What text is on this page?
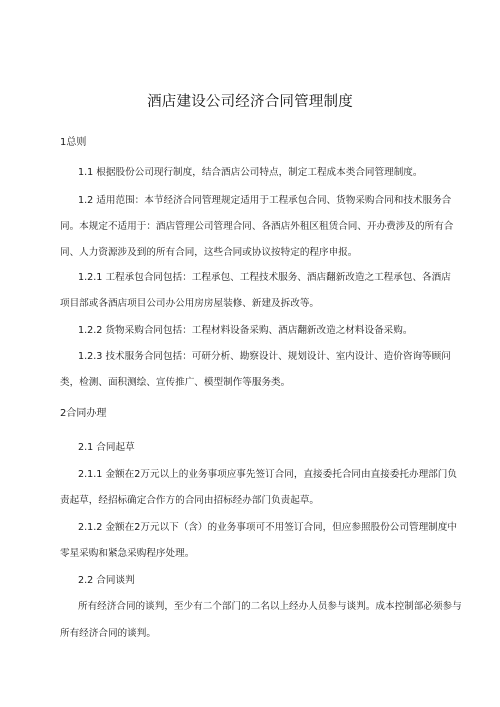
酒店建设公司经济合同管理制度
1总则
1.1 根据股份公司现行制度，结合酒店公司特点，制定工程成本类合同管理制度。
1.2 适用范围：本节经济合同管理规定适用于工程承包合同、货物采购合同和技术服务合
同。本规定不适用于：酒店管理公司管理合同、各酒店外租区租赁合同、开办费涉及的所有合
同、人力资源涉及到的所有合同，这些合同或协议按特定的程序申报。
1.2.1 工程承包合同包括：工程承包、工程技术服务、酒店翻新改造之工程承包、各酒店
项目部或各酒店项目公司办公用房房屋装修、新建及拆改等。
1.2.2 货物采购合同包括：工程材料设备采购、酒店翻新改造之材料设备采购。
1.2.3 技术服务合同包括：可研分析、勘察设计、规划设计、室内设计、造价咨询等顾问
类，检测、面积测绘、宣传推广、模型制作等服务类。
2合同办理
2.1 合同起草
2.1.1 金额在2万元以上的业务事项应事先签订合同，直接委托合同由直接委托办理部门负
责起草，经招标确定合作方的合同由招标经办部门负责起草。
2.1.2 金额在2万元以下（含）的业务事项可不用签订合同，但应参照股份公司管理制度中
零星采购和紧急采购程序处理。
2.2 合同谈判
所有经济合同的谈判，至少有二个部门的二名以上经办人员参与谈判。成本控制部必须参与
所有经济合同的谈判。
